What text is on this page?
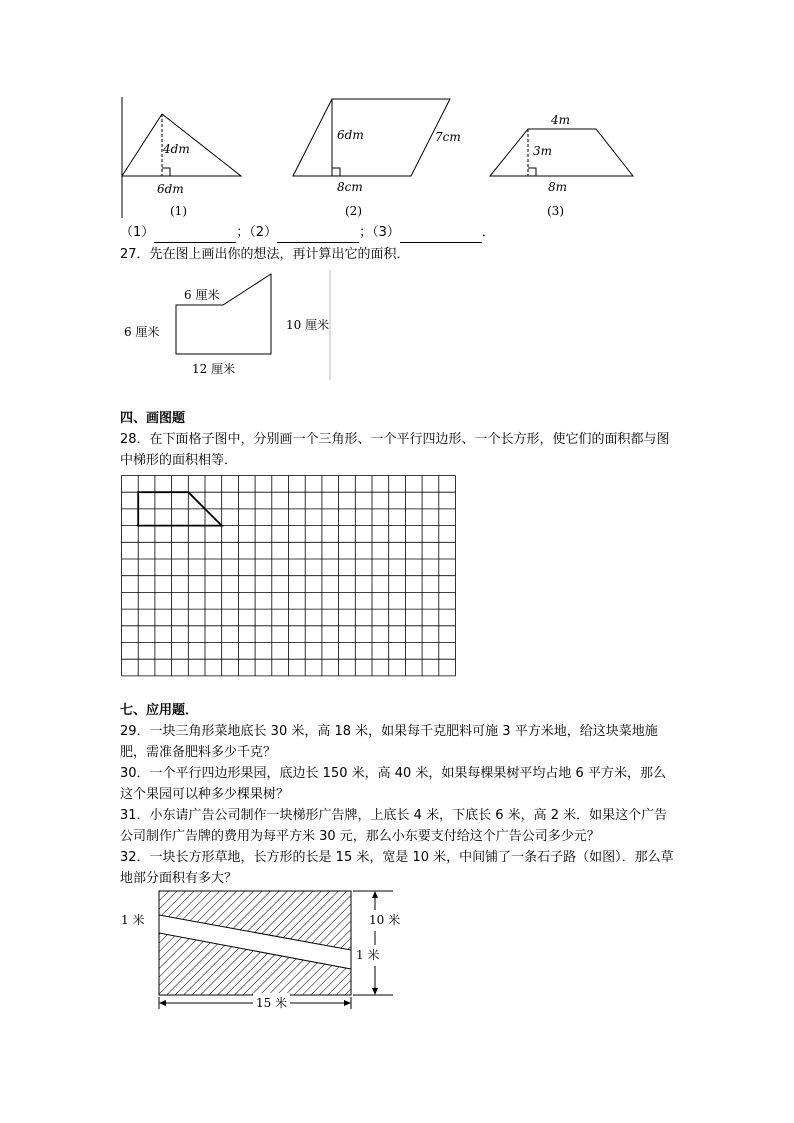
4dm
6dm
(1)
6dm	7cm
8cm
(2)
4m
3m
8m
(3)
（1）	；（2）	；（3）	．
27．先在图上画出你的想法，再计算出它的面积．
6 厘米
6 厘米	10 厘米
12 厘米
四、画图题
28．在下面格子图中，分别画一个三角形、一个平行四边形、一个长方形，使它们的面积都与图中梯形的面积相等．
七、应用题．
29．一块三角形菜地底长 30 米，高 18 米，如果每千克肥料可施 3 平方米地，给这块菜地施肥，需准备肥料多少千克？
30．一个平行四边形果园，底边长 150 米，高 40 米，如果每棵果树平均占地 6 平方米，那么这个果园可以种多少棵果树？
31．小东请广告公司制作一块梯形广告牌，上底长 4 米，下底长 6 米，高 2 米．如果这个广告公司制作广告牌的费用为每平方米 30 元，那么小东要支付给这个广告公司多少元？
32．一块长方形草地，长方形的长是 15 米，宽是 10 米，中间铺了一条石子路（如图）．那么草地部分面积有多大？
1 米	10 米
1 米
15 米
